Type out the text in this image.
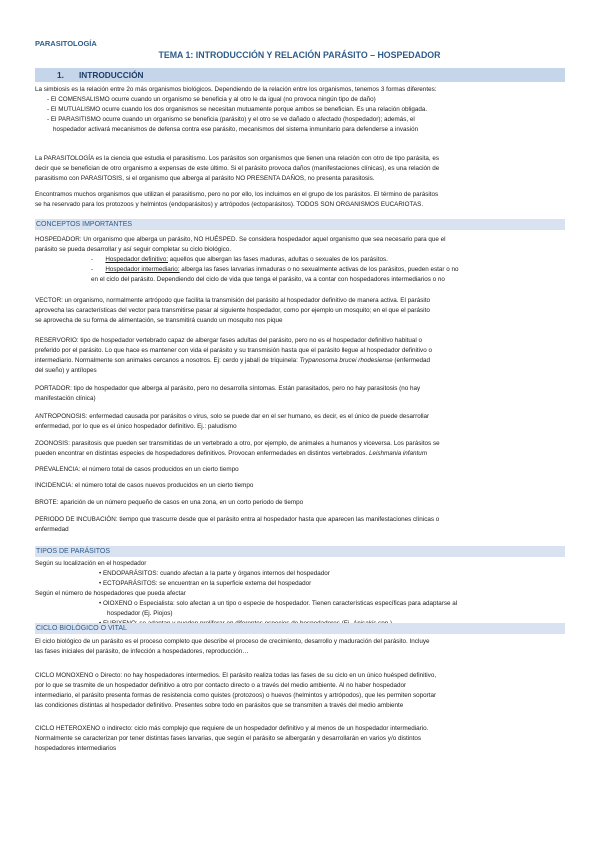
PARASITOLOGÍA
TEMA 1: INTRODUCCIÓN Y RELACIÓN PARÁSITO – HOSPEDADOR
1. INTRODUCCIÓN

La simbiosis es la relación entre 2o más organismos biológicos. Dependiendo de la relación entre los organismos, tenemos 3 formas diferentes:

- El COMENSALISMO ocurre cuando un organismo se beneficia y al otro le da igual (no provoca ningún tipo de daño)

- El MUTUALISMO ocurre cuando los dos organismos se necesitan mutuamente porque ambos se benefician. Es una relación obligada.

- El PARASITISMO ocurre cuando un organismo se beneficia (parásito) y el otro se ve dañado o afectado (hospedador); además, el

hospedador activará mecanismos de defensa contra ese parásito, mecanismos del sistema inmunitario para defenderse a invasión

La PARASITOLOGÍA es la ciencia que estudia el parasitismo. Los parásitos son organismos que tienen una relación con otro de tipo parásita, es

decir que se benefician de otro organismo a expensas de este último. Si el parásito provoca daños (manifestaciones clínicas), es una relación de

parasitismo con PARASITOSIS, si el organismo que alberga al parásito NO PRESENTA DAÑOS, no presenta parasitosis.

Encontramos muchos organismos que utilizan el parasitismo, pero no por ello, los incluimos en el grupo de los parásitos. El término de parásitos

se ha reservado para los protozoos y helmintos (endoparásitos) y artrópodos (ectoparásitos). TODOS SON ORGANISMOS EUCARIOTAS.

CONCEPTOS IMPORTANTES

HOSPEDADOR: Un organismo que alberga un parásito, NO HUÉSPED. Se considera hospedador aquel organismo que sea necesario para que el

parásito se pueda desarrollar y así seguir completar su ciclo biológico.

-       Hospedador definitivo: aquellos que albergan las fases maduras, adultas o sexuales de los parásitos.

-       Hospedador intermediario: alberga las fases larvarias inmaduras o no sexualmente activas de los parásitos, pueden estar o no

en el ciclo del parásito. Dependiendo del ciclo de vida que tenga el parásito, va a contar con hospedadores intermediarios o no

VECTOR: un organismo, normalmente artrópodo que facilita la transmisión del parásito al hospedador definitivo de manera activa. El parásito

aprovecha las características del vector para transmitirse pasar al siguiente hospedador, como por ejemplo un mosquito; en el que el parásito

se aprovecha de su forma de alimentación, se transmitirá cuando un mosquito nos pique

RESERVORIO: tipo de hospedador vertebrado capaz de albergar fases adultas del parásito, pero no es el hospedador definitivo habitual o

preferido por el parásito. Lo que hace es mantener con vida el parásito y su transmisión hasta que el parásito llegue al hospedador definitivo o

intermediario. Normalmente son animales cercanos a nosotros. Ej: cerdo y jabalí de triquinela: Trypanosoma brucei rhodesiense (enfermedad

del sueño) y antílopes

PORTADOR: tipo de hospedador que alberga al parásito, pero no desarrolla síntomas. Están parasitados, pero no hay parasitosis (no hay

manifestación clínica)

ANTROPONOSIS: enfermedad causada por parásitos o virus, solo se puede dar en el ser humano, es decir, es el único de puede desarrollar

enfermedad, por lo que es el único hospedador definitivo. Ej.: paludismo

ZOONOSIS: parasitosis que pueden ser transmitidas de un vertebrado a otro, por ejemplo, de animales a humanos y viceversa. Los parásitos se

pueden encontrar en distintas especies de hospedadores definitivos. Provocan enfermedades en distintos vertebrados. Leishmania infantum

PREVALENCIA: el número total de casos producidos en un cierto tiempo
INCIDENCIA: el número total de casos nuevos producidos en un cierto tiempo
BROTE: aparición de un número pequeño de casos en una zona, en un corto periodo de tiempo

PERIODO DE INCUBACIÓN: tiempo que trascurre desde que el parásito entra al hospedador hasta que aparecen las manifestaciones clínicas o

enfermedad

TIPOS DE PARÁSITOS

Según su localización en el hospedador

• ENDOPARÁSITOS: cuando afectan a la parte y órganos internos del hospedador

• ECTOPARÁSITOS: se encuentran en la superficie externa del hospedador

Según el número de hospedadores que pueda afectar

• OIOXENO o Especialista: solo afectan a un tipo o especie de hospedador. Tienen características específicas para adaptarse al

hospedador (Ej. Piojos)

CICLO BIOLÓGICO O VITAL

El ciclo biológico de un parásito es el proceso completo que describe el proceso de crecimiento, desarrollo y maduración del parásito. Incluye

las fases iniciales del parásito, de infección a hospedadores, reproducción…

CICLO MONOXENO o Directo: no hay hospedadores intermedios. El parásito realiza todas las fases de su ciclo en un único huésped definitivo,

por lo que se trasmite de un hospedador definitivo a otro por contacto directo o a través del medio ambiente. Al no haber hospedador

intermediario, el parásito presenta formas de resistencia como quistes (protozoos) o huevos (helmintos y artrópodos), que les permiten soportar

las condiciones distintas al hospedador definitivo. Presentes sobre todo en parásitos que se transmiten a través del medio ambiente

CICLO HETEROXENO o indirecto: ciclo más complejo que requiere de un hospedador definitivo y al menos de un hospedador intermediario.

Normalmente se caracterizan por tener distintas fases larvarias, que según el parásito se albergarán y desarrollarán en varios y/o distintos

hospedadores intermediarios
